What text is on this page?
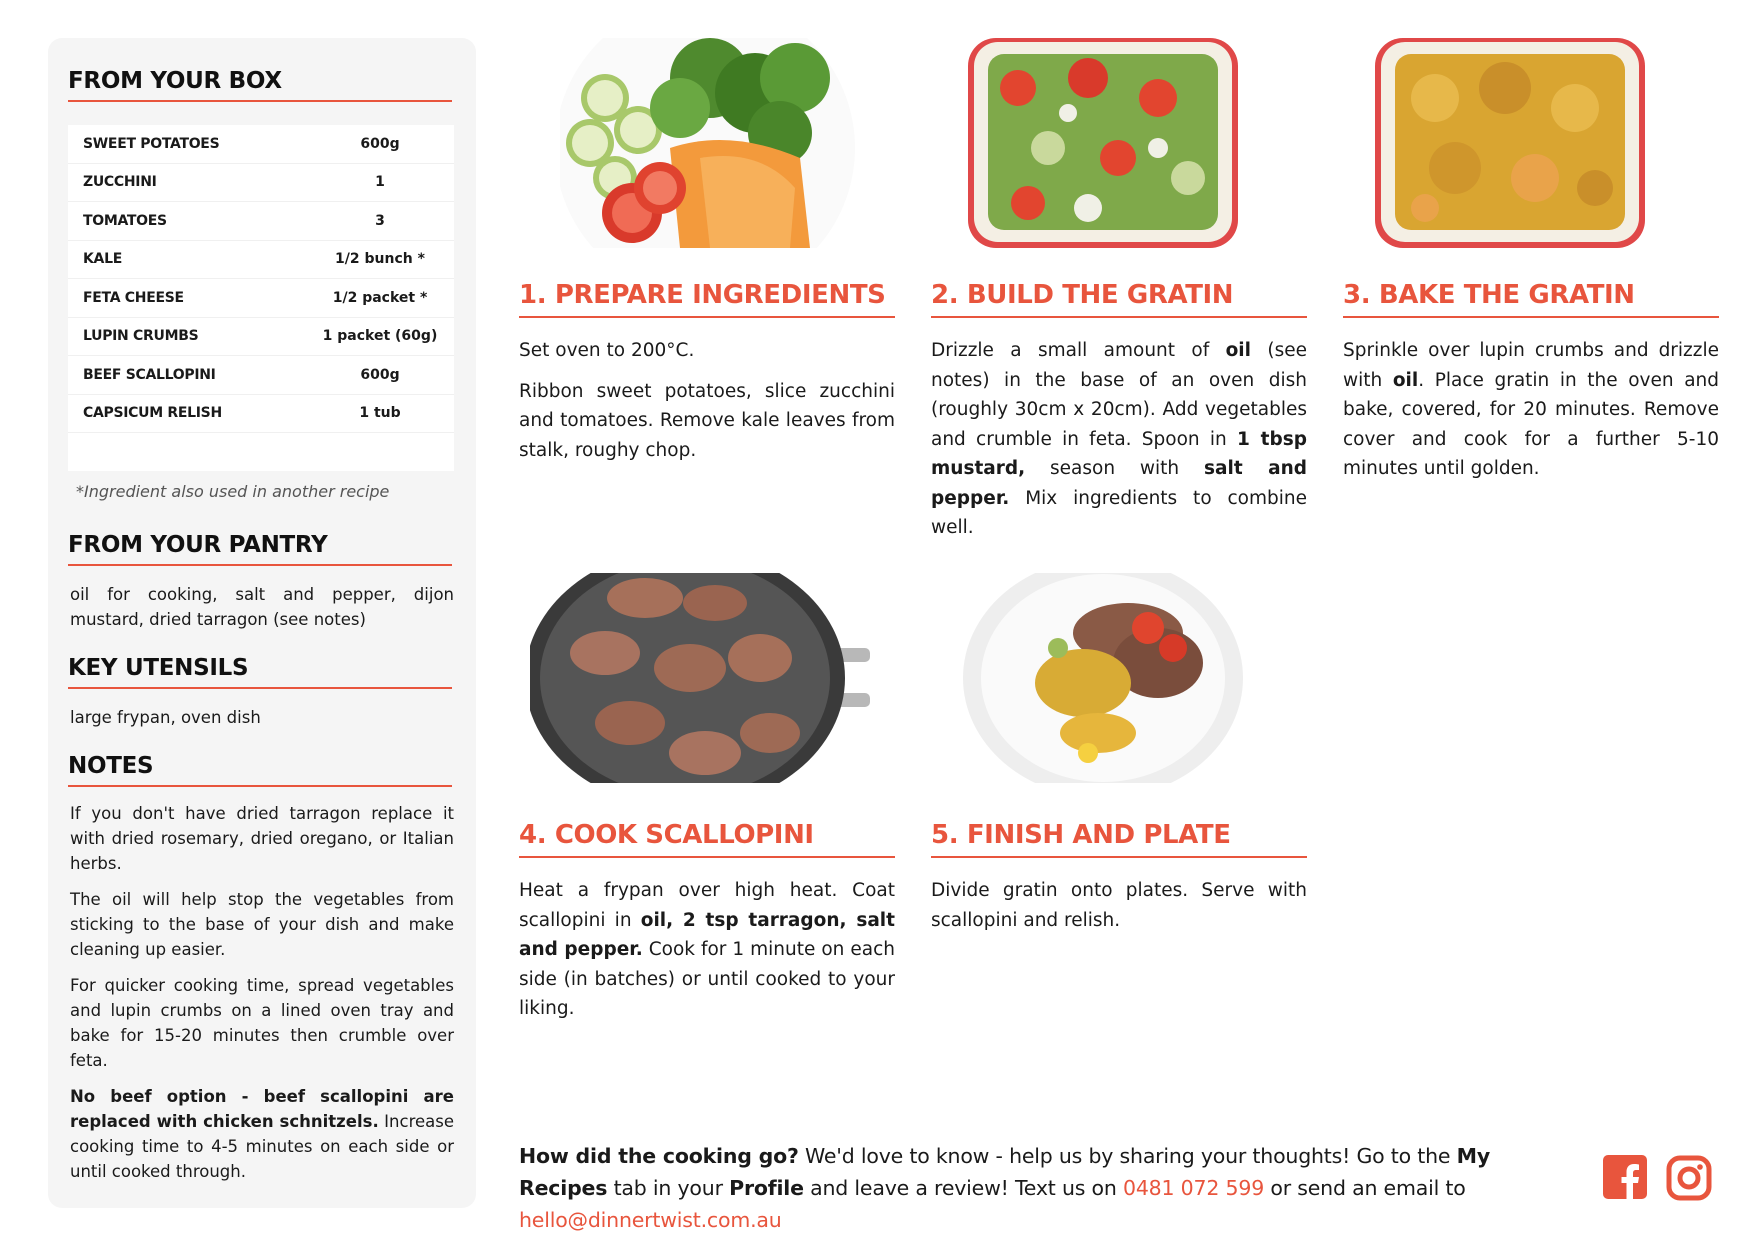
FROM YOUR BOX
SWEET POTATOES	600g
ZUCCHINI	1
TOMATOES	3
KALE	1/2 bunch *
FETA CHEESE	1/2 packet *
LUPIN CRUMBS	1 packet (60g)
BEEF SCALLOPINI	600g
CAPSICUM RELISH	1 tub
*Ingredient also used in another recipe
FROM YOUR PANTRY

oil for cooking, salt and pepper, dijon mustard, dried tarragon (see notes)

KEY UTENSILS

large frypan, oven dish

NOTES

If you don't have dried tarragon replace it with dried rosemary, dried oregano, or Italian herbs.

The oil will help stop the vegetables from sticking to the base of your dish and make cleaning up easier.

For quicker cooking time, spread vegetables and lupin crumbs on a lined oven tray and bake for 15-20 minutes then crumble over feta.

No beef option - beef scallopini are replaced with chicken schnitzels. Increase cooking time to 4-5 minutes on each side or until cooked through.

1. PREPARE INGREDIENTS

Set oven to 200°C.

Ribbon sweet potatoes, slice zucchini and tomatoes. Remove kale leaves from stalk, roughy chop.

2. BUILD THE GRATIN

Drizzle a small amount of oil (see notes) in the base of an oven dish (roughly 30cm x 20cm). Add vegetables and crumble in feta. Spoon in 1 tbsp mustard, season with salt and pepper. Mix ingredients to combine well.

3. BAKE THE GRATIN

Sprinkle over lupin crumbs and drizzle with oil. Place gratin in the oven and bake, covered, for 20 minutes. Remove cover and cook for a further 5-10 minutes until golden.

4. COOK SCALLOPINI

Heat a frypan over high heat. Coat scallopini in oil, 2 tsp tarragon, salt and pepper. Cook for 1 minute on each side (in batches) or until cooked to your liking.

5. FINISH AND PLATE

Divide gratin onto plates. Serve with scallopini and relish.

How did the cooking go? We'd love to know - help us by sharing your thoughts! Go to the My Recipes tab in your Profile and leave a review! Text us on 0481 072 599 or send an email to hello@dinnertwist.com.au
